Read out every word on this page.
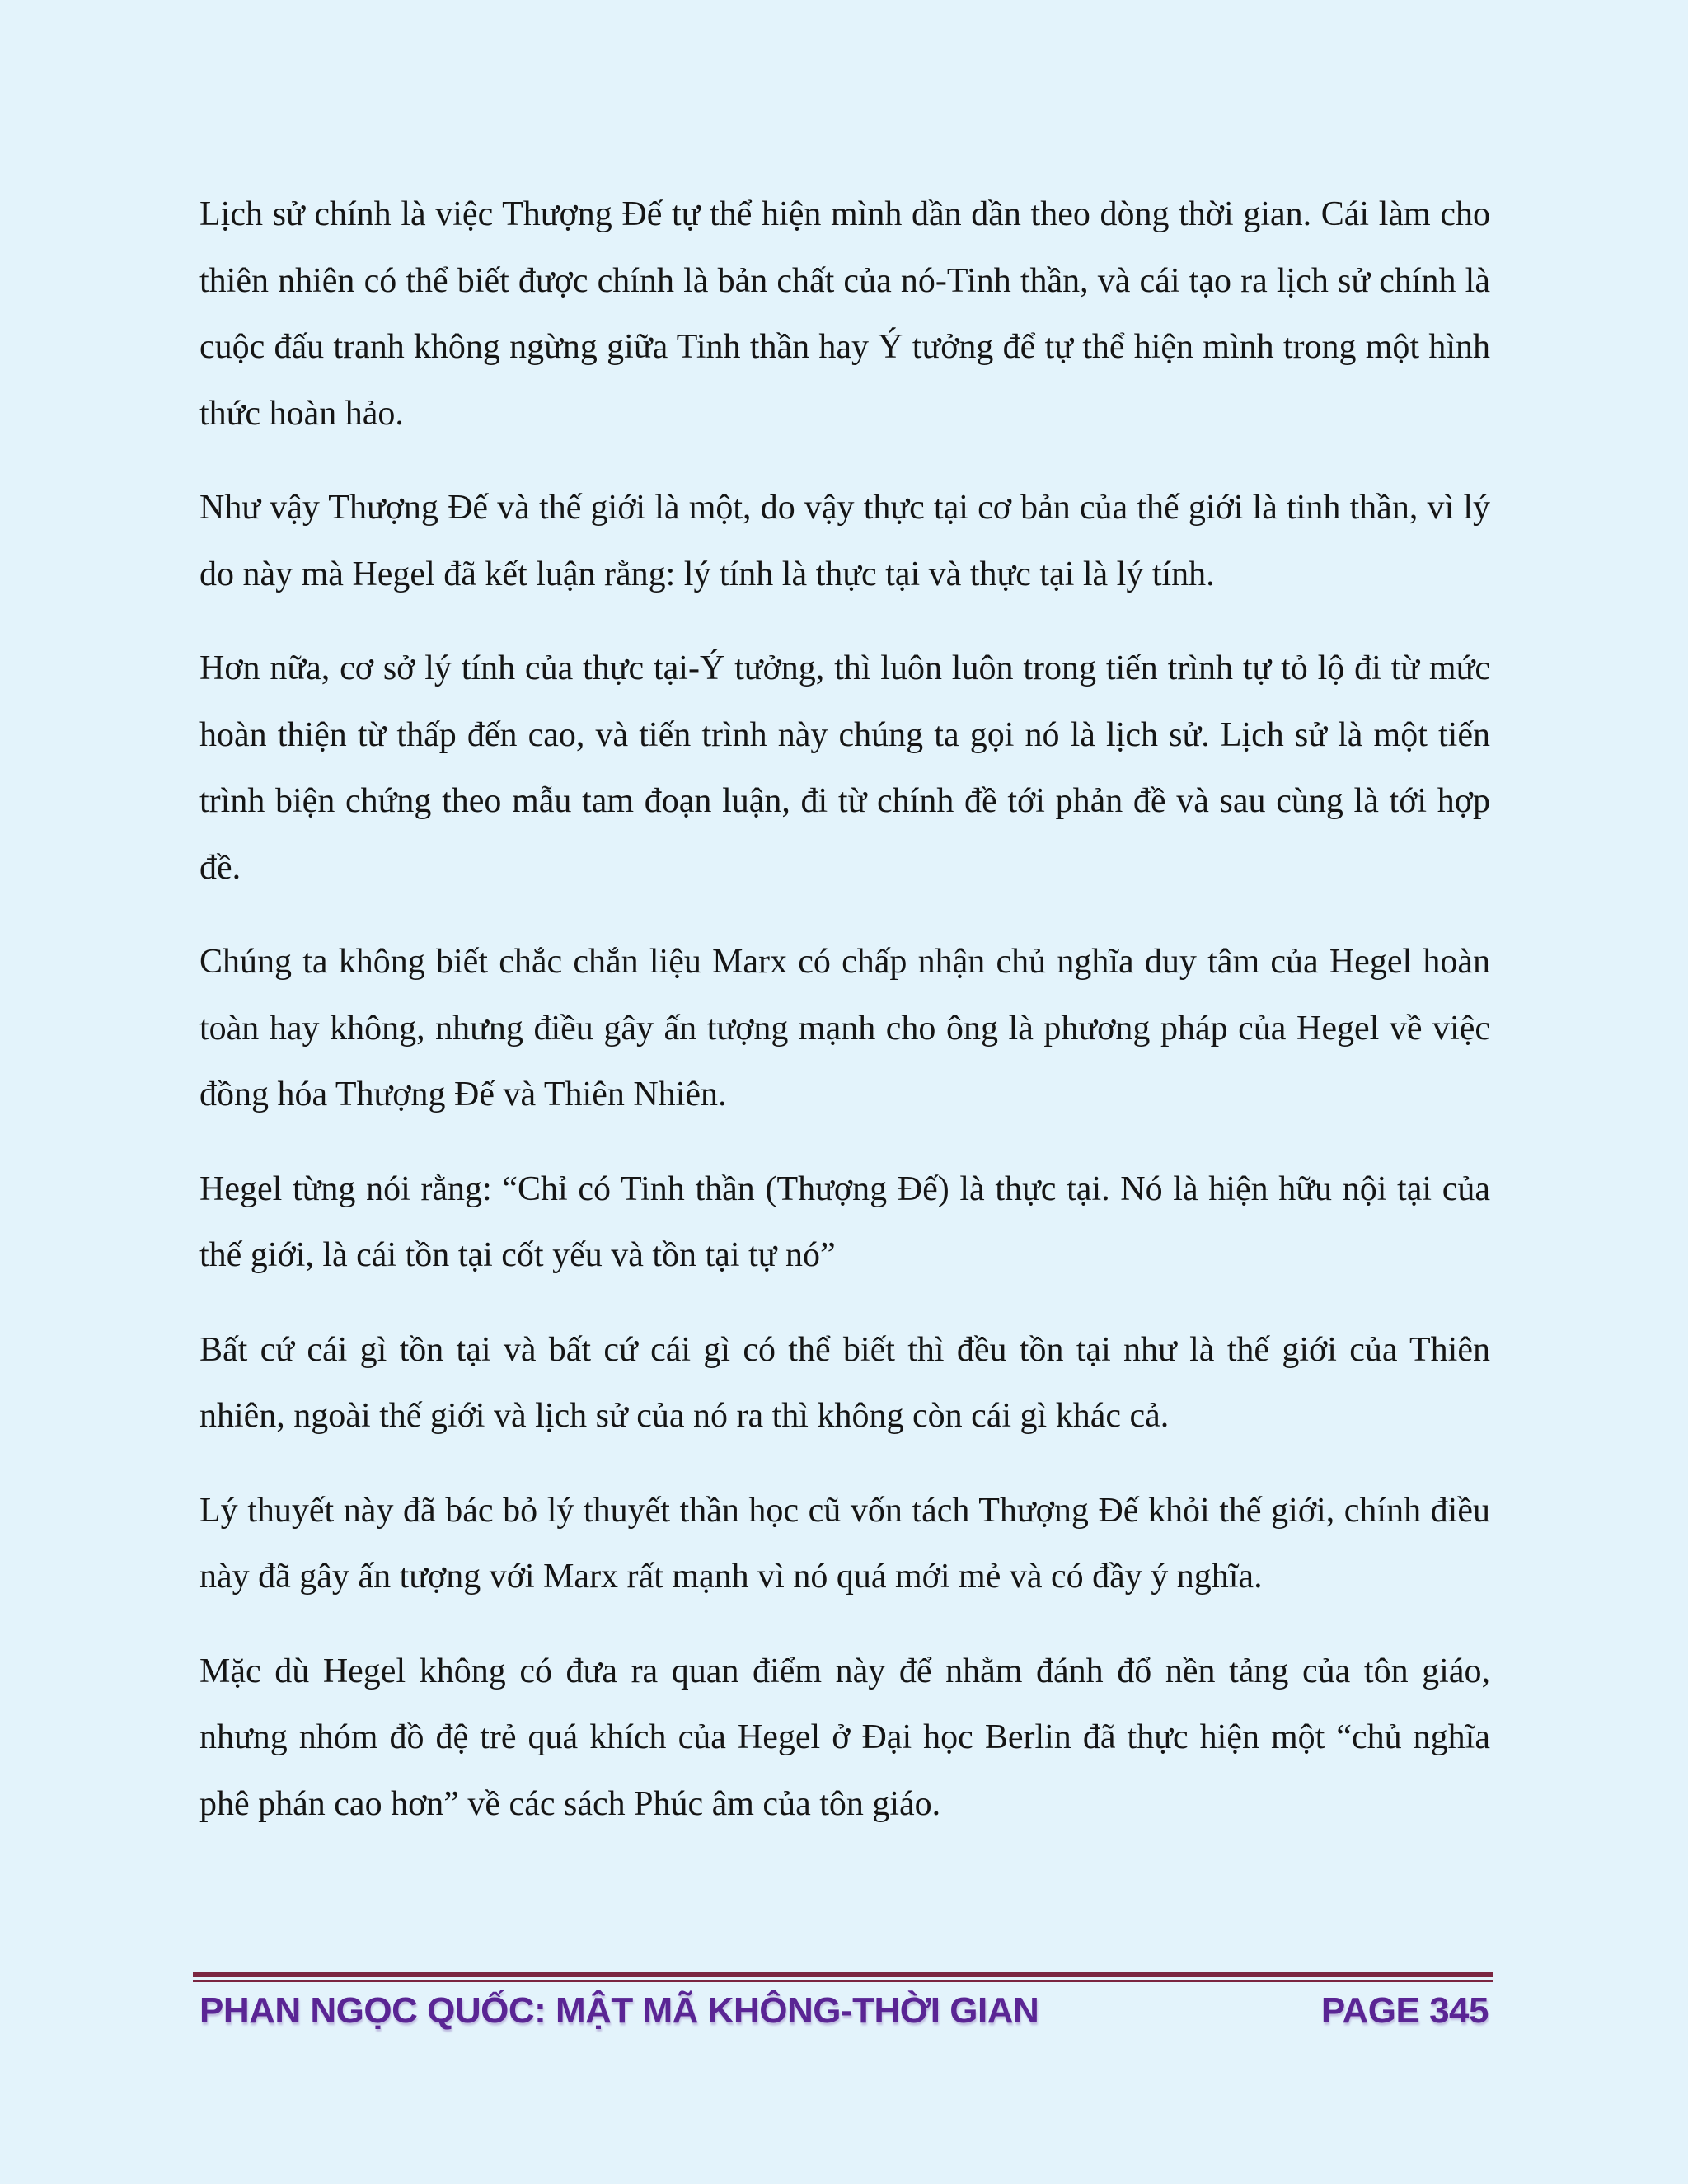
Lịch sử chính là việc Thượng Đế tự thể hiện mình dần dần theo dòng thời gian. Cái làm cho thiên nhiên có thể biết được chính là bản chất của nó-Tinh thần, và cái tạo ra lịch sử chính là cuộc đấu tranh không ngừng giữa Tinh thần hay Ý tưởng để tự thể hiện mình trong một hình thức hoàn hảo.

Như vậy Thượng Đế và thế giới là một, do vậy thực tại cơ bản của thế giới là tinh thần, vì lý do này mà Hegel đã kết luận rằng: lý tính là thực tại và thực tại là lý tính.

Hơn nữa, cơ sở lý tính của thực tại-Ý tưởng, thì luôn luôn trong tiến trình tự tỏ lộ đi từ mức hoàn thiện từ thấp đến cao, và tiến trình này chúng ta gọi nó là lịch sử. Lịch sử là một tiến trình biện chứng theo mẫu tam đoạn luận, đi từ chính đề tới phản đề và sau cùng là tới hợp đề.

Chúng ta không biết chắc chắn liệu Marx có chấp nhận chủ nghĩa duy tâm của Hegel hoàn toàn hay không, nhưng điều gây ấn tượng mạnh cho ông là phương pháp của Hegel về việc đồng hóa Thượng Đế và Thiên Nhiên.

Hegel từng nói rằng: “Chỉ có Tinh thần (Thượng Đế) là thực tại. Nó là hiện hữu nội tại của thế giới, là cái tồn tại cốt yếu và tồn tại tự nó”

Bất cứ cái gì tồn tại và bất cứ cái gì có thể biết thì đều tồn tại như là thế giới của Thiên nhiên, ngoài thế giới và lịch sử của nó ra thì không còn cái gì khác cả.

Lý thuyết này đã bác bỏ lý thuyết thần học cũ vốn tách Thượng Đế khỏi thế giới, chính điều này đã gây ấn tượng với Marx rất mạnh vì nó quá mới mẻ và có đầy ý nghĩa.

Mặc dù Hegel không có đưa ra quan điểm này để nhằm đánh đổ nền tảng của tôn giáo, nhưng nhóm đồ đệ trẻ quá khích của Hegel ở Đại học Berlin đã thực hiện một “chủ nghĩa phê phán cao hơn” về các sách Phúc âm của tôn giáo.

PHAN NGỌC QUỐC: MẬT MÃ KHÔNG-THỜI GIAN	PAGE 345
